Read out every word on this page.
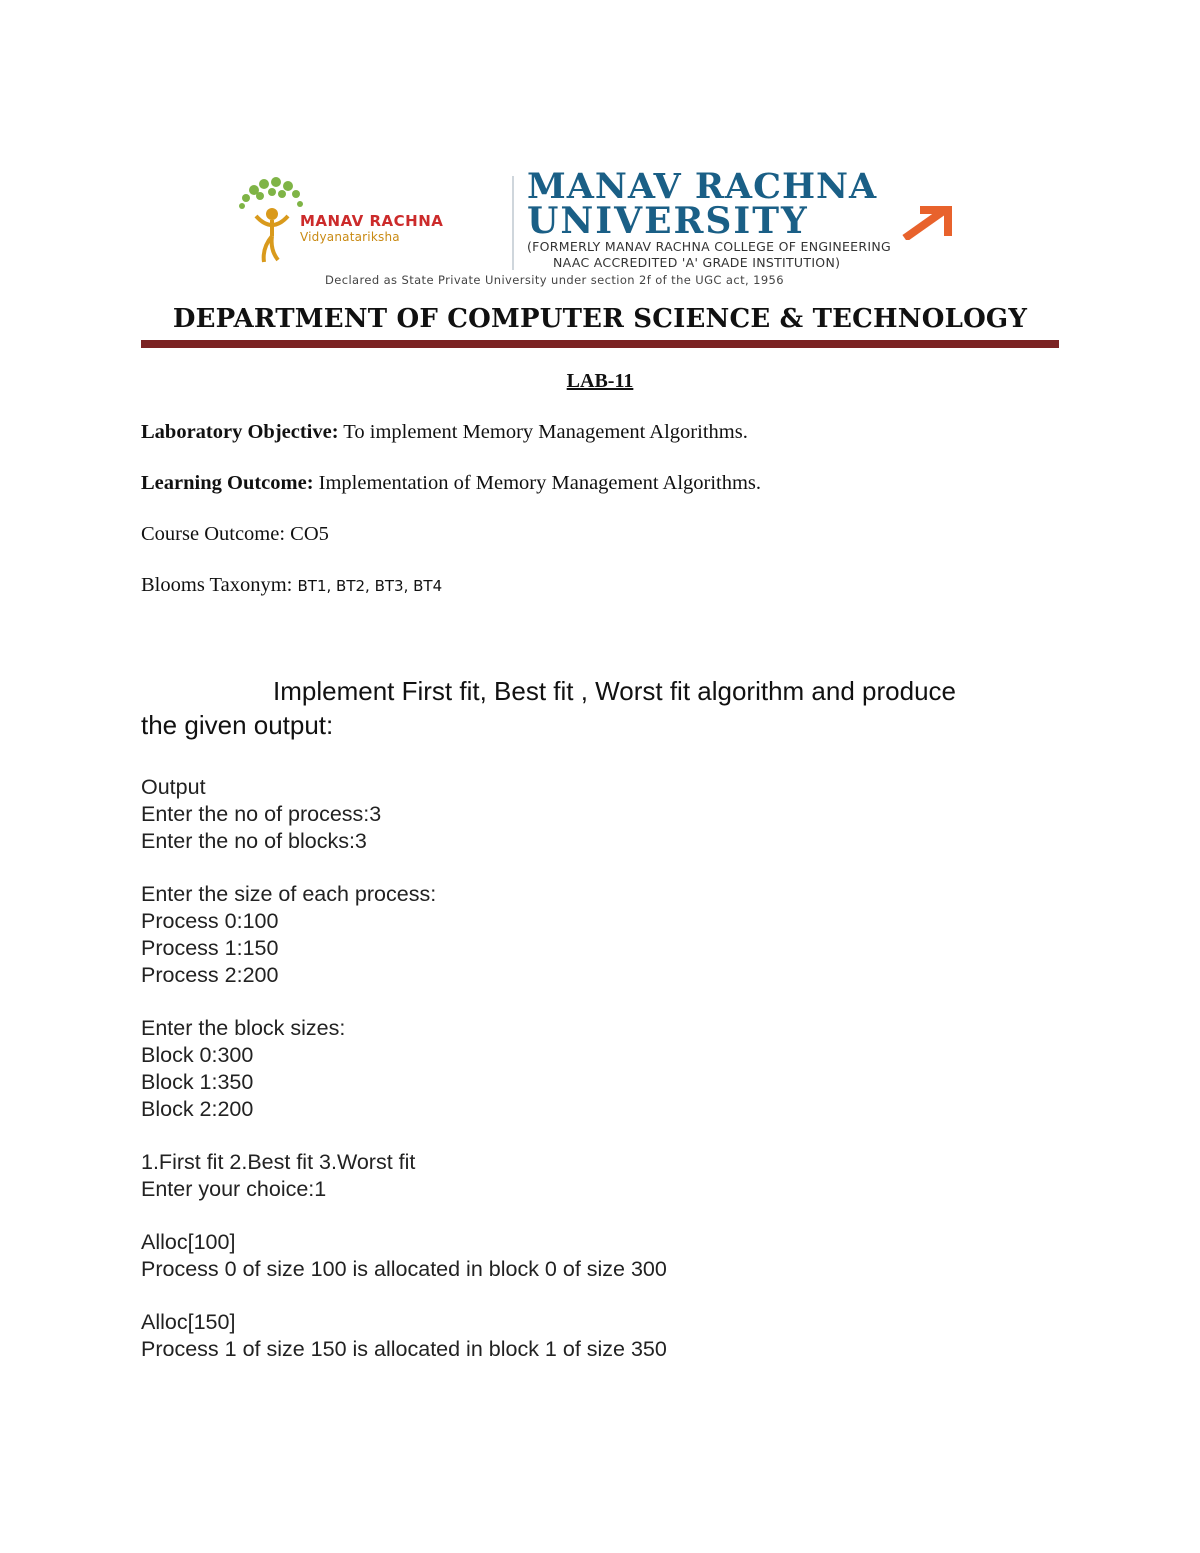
MANAV RACHNA
Vidyanatariksha
MANAV RACHNA
UNIVERSITY
(FORMERLY MANAV RACHNA COLLEGE OF ENGINEERING
NAAC ACCREDITED 'A' GRADE INSTITUTION)
Declared as State Private University under section 2f of the UGC act, 1956
DEPARTMENT OF COMPUTER SCIENCE & TECHNOLOGY
LAB-11
Laboratory Objective: To implement Memory Management Algorithms.
Learning Outcome: Implementation of Memory Management Algorithms.
Course Outcome: CO5
Blooms Taxonym: BT1, BT2, BT3, BT4
Implement First fit, Best fit , Worst fit algorithm and produce
the given output:
Output
Enter the no of process:3
Enter the no of blocks:3
Enter the size of each process:
Process 0:100
Process 1:150
Process 2:200
Enter the block sizes:
Block 0:300
Block 1:350
Block 2:200
1.First fit 2.Best fit 3.Worst fit
Enter your choice:1
Alloc[100]
Process 0 of size 100 is allocated in block 0 of size 300
Alloc[150]
Process 1 of size 150 is allocated in block 1 of size 350
